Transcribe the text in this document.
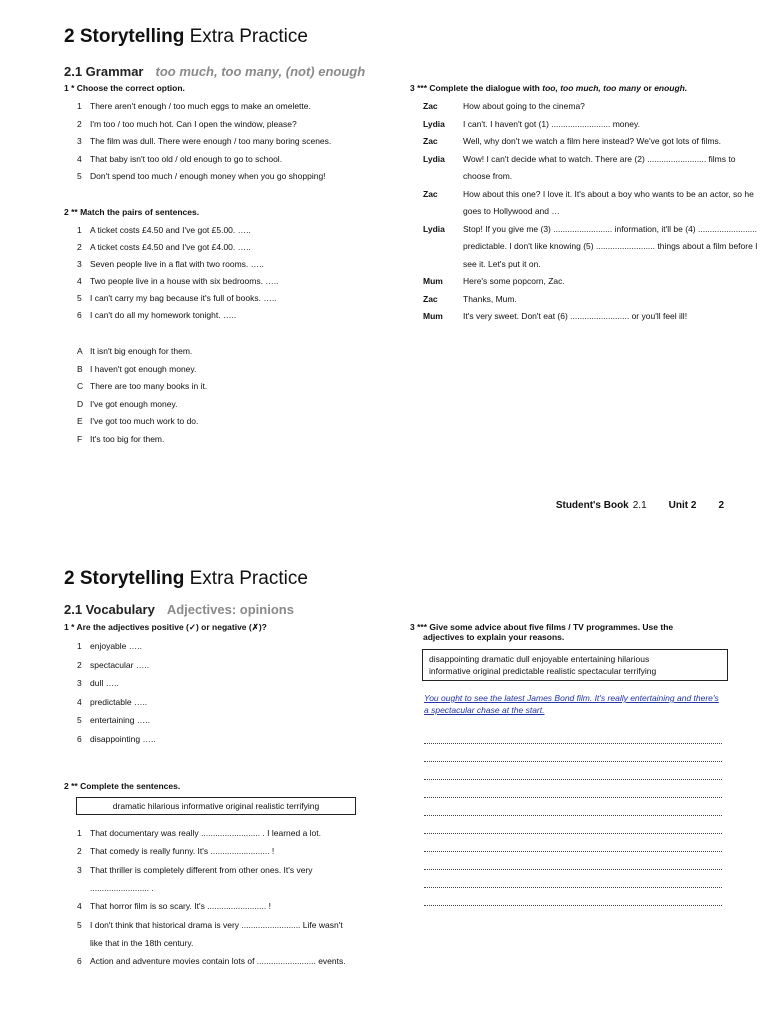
2 Storytelling Extra Practice
2.1 Grammar too much, too many, (not) enough
1 * Choose the correct option.
1 There aren't enough / too much eggs to make an omelette.
2 I'm too / too much hot. Can I open the window, please?
3 The film was dull. There were enough / too many boring scenes.
4 That baby isn't too old / old enough to go to school.
5 Don't spend too much / enough money when you go shopping!
2 ** Match the pairs of sentences.
1 A ticket costs £4.50 and I've got £5.00. …..
2 A ticket costs £4.50 and I've got £4.00. …..
3 Seven people live in a flat with two rooms. …..
4 Two people live in a house with six bedrooms. …..
5 I can't carry my bag because it's full of books. …..
6 I can't do all my homework tonight. …..
A It isn't big enough for them.
B I haven't got enough money.
C There are too many books in it.
D I've got enough money.
E I've got too much work to do.
F It's too big for them.
3 *** Complete the dialogue with too, too much, too many or enough.
Zac	How about going to the cinema?
Lydia	I can't. I haven't got (1) ......................... money.
Zac	Well, why don't we watch a film here instead? We've got lots of films.
Lydia	Wow! I can't decide what to watch. There are (2) ......................... films to choose from.
Zac	How about this one? I love it. It's about a boy who wants to be an actor, so he goes to Hollywood and …
Lydia	Stop! If you give me (3) ......................... information, it'll be (4) ......................... predictable. I don't like knowing (5) ......................... things about a film before I see it. Let's put it on.
Mum	Here's some popcorn, Zac.
Zac	Thanks, Mum.
Mum	It's very sweet. Don't eat (6) ......................... or you'll feel ill!
Student's Book 2.1 Unit 2 2
2 Storytelling Extra Practice
2.1 Vocabulary Adjectives: opinions
1 * Are the adjectives positive (✓) or negative (✗)?
1 enjoyable …..
2 spectacular …..
3 dull …..
4 predictable …..
5 entertaining …..
6 disappointing …..
2 ** Complete the sentences.
dramatic hilarious informative original realistic terrifying
1 That documentary was really ......................... . I learned a lot.
2 That comedy is really funny. It's ......................... !
3 That thriller is completely different from other ones. It's very
......................... .
4 That horror film is so scary. It's ......................... !
5 I don't think that historical drama is very ......................... Life wasn't
like that in the 18th century.
6 Action and adventure movies contain lots of ......................... events.
3 *** Give some advice about five films / TV programmes. Use the
adjectives to explain your reasons.
disappointing dramatic dull enjoyable entertaining hilarious
informative original predictable realistic spectacular terrifying
You ought to see the latest James Bond film. It's really entertaining and there's a spectacular chase at the start.
